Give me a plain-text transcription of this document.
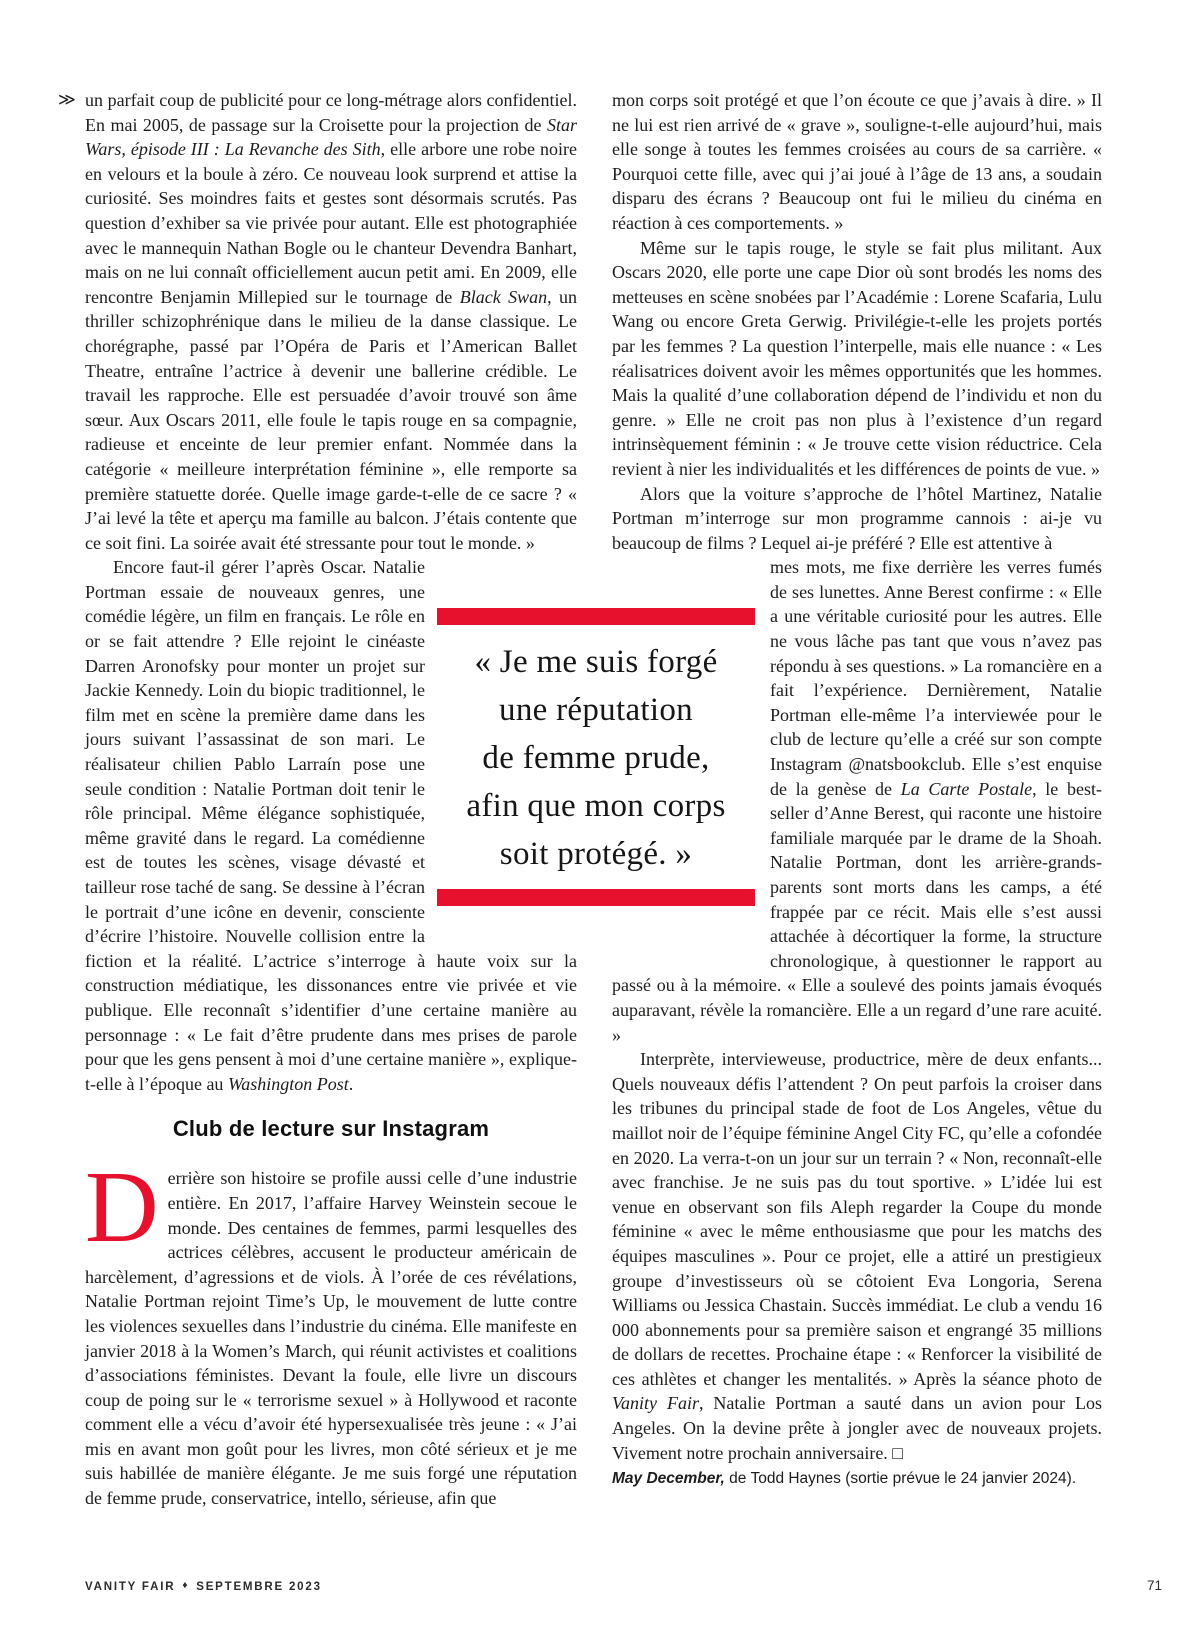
≫ un parfait coup de publicité pour ce long-métrage alors confidentiel. En mai 2005, de passage sur la Croisette pour la projection de Star Wars, épisode III : La Revanche des Sith, elle arbore une robe noire en velours et la boule à zéro. Ce nouveau look surprend et attise la curiosité. Ses moindres faits et gestes sont désormais scrutés. Pas question d’exhiber sa vie privée pour autant. Elle est photographiée avec le mannequin Nathan Bogle ou le chanteur Devendra Banhart, mais on ne lui connaît officiellement aucun petit ami. En 2009, elle rencontre Benjamin Millepied sur le tournage de Black Swan, un thriller schizophrénique dans le milieu de la danse classique. Le chorégraphe, passé par l’Opéra de Paris et l’American Ballet Theatre, entraîne l’actrice à devenir une ballerine crédible. Le travail les rapproche. Elle est persuadée d’avoir trouvé son âme sœur. Aux Oscars 2011, elle foule le tapis rouge en sa compagnie, radieuse et enceinte de leur premier enfant. Nommée dans la catégorie « meilleure interprétation féminine », elle remporte sa première statuette dorée. Quelle image garde-t-elle de ce sacre ? « J’ai levé la tête et aperçu ma famille au balcon. J’étais contente que ce soit fini. La soirée avait été stressante pour tout le monde. »

Encore faut-il gérer l’après Oscar. Natalie Portman essaie de nouveaux genres, une comédie légère, un film en français. Le rôle en or se fait attendre ? Elle rejoint le cinéaste Darren Aronofsky pour monter un projet sur Jackie Kennedy. Loin du biopic traditionnel, le film met en scène la première dame dans les jours suivant l’assassinat de son mari. Le réalisateur chilien Pablo Larraín pose une seule condition : Natalie Portman doit tenir le rôle principal. Même élégance sophistiquée, même gravité dans le regard. La comédienne est de toutes les scènes, visage dévasté et tailleur rose taché de sang. Se dessine à l’écran le portrait d’une icône en devenir, consciente d’écrire l’histoire. Nouvelle collision entre la fiction et la réalité. L’actrice s’interroge à haute voix sur la construction médiatique, les dissonances entre vie privée et vie publique. Elle reconnaît s’identifier d’une certaine manière au personnage : « Le fait d’être prudente dans mes prises de parole pour que les gens pensent à moi d’une certaine manière », explique-t-elle à l’époque au Washington Post.

Club de lecture sur Instagram

Derrière son histoire se profile aussi celle d’une industrie entière. En 2017, l’affaire Harvey Weinstein secoue le monde. Des centaines de femmes, parmi lesquelles des actrices célèbres, accusent le producteur américain de harcèlement, d’agressions et de viols. À l’orée de ces révélations, Natalie Portman rejoint Time’s Up, le mouvement de lutte contre les violences sexuelles dans l’industrie du cinéma. Elle manifeste en janvier 2018 à la Women’s March, qui réunit activistes et coalitions d’associations féministes. Devant la foule, elle livre un discours coup de poing sur le « terrorisme sexuel » à Hollywood et raconte comment elle a vécu d’avoir été hypersexualisée très jeune : « J’ai mis en avant mon goût pour les livres, mon côté sérieux et je me suis habillée de manière élégante. Je me suis forgé une réputation de femme prude, conservatrice, intello, sérieuse, afin que

mon corps soit protégé et que l’on écoute ce que j’avais à dire. » Il ne lui est rien arrivé de « grave », souligne-t-elle aujourd’hui, mais elle songe à toutes les femmes croisées au cours de sa carrière. « Pourquoi cette fille, avec qui j’ai joué à l’âge de 13 ans, a soudain disparu des écrans ? Beaucoup ont fui le milieu du cinéma en réaction à ces comportements. »

Même sur le tapis rouge, le style se fait plus militant. Aux Oscars 2020, elle porte une cape Dior où sont brodés les noms des metteuses en scène snobées par l’Académie : Lorene Scafaria, Lulu Wang ou encore Greta Gerwig. Privilégie-t-elle les projets portés par les femmes ? La question l’interpelle, mais elle nuance : « Les réalisatrices doivent avoir les mêmes opportunités que les hommes. Mais la qualité d’une collaboration dépend de l’individu et non du genre. » Elle ne croit pas non plus à l’existence d’un regard intrinsèquement féminin : « Je trouve cette vision réductrice. Cela revient à nier les individualités et les différences de points de vue. »

Alors que la voiture s’approche de l’hôtel Martinez, Natalie Portman m’interroge sur mon programme cannois : ai-je vu beaucoup de films ? Lequel ai-je préféré ? Elle est attentive à

mes mots, me fixe derrière les verres fumés de ses lunettes. Anne Berest confirme : « Elle a une véritable curiosité pour les autres. Elle ne vous lâche pas tant que vous n’avez pas répondu à ses questions. » La romancière en a fait l’expérience. Dernièrement, Natalie Portman elle-même l’a interviewée pour le club de lecture qu’elle a créé sur son compte Instagram @natsbookclub. Elle s’est enquise de la genèse de La Carte Postale, le best-seller d’Anne Berest, qui raconte une histoire familiale marquée par le drame de la Shoah. Natalie Portman, dont les arrière-grands-parents sont morts dans les camps, a été frappée par ce récit. Mais elle s’est aussi attachée à décortiquer la forme, la structure chronologique, à questionner le rapport au passé ou à la mémoire. « Elle a soulevé des points jamais évoqués auparavant, révèle la romancière. Elle a un regard d’une rare acuité. »

Interprète, intervieweuse, productrice, mère de deux enfants... Quels nouveaux défis l’attendent ? On peut parfois la croiser dans les tribunes du principal stade de foot de Los Angeles, vêtue du maillot noir de l’équipe féminine Angel City FC, qu’elle a cofondée en 2020. La verra-t-on un jour sur un terrain ? « Non, reconnaît-elle avec franchise. Je ne suis pas du tout sportive. » L’idée lui est venue en observant son fils Aleph regarder la Coupe du monde féminine « avec le même enthousiasme que pour les matchs des équipes masculines ». Pour ce projet, elle a attiré un prestigieux groupe d’investisseurs où se côtoient Eva Longoria, Serena Williams ou Jessica Chastain. Succès immédiat. Le club a vendu 16 000 abonnements pour sa première saison et engrangé 35 millions de dollars de recettes. Prochaine étape : « Renforcer la visibilité de ces athlètes et changer les mentalités. » Après la séance photo de Vanity Fair, Natalie Portman a sauté dans un avion pour Los Angeles. On la devine prête à jongler avec de nouveaux projets. Vivement notre prochain anniversaire. □

May December, de Todd Haynes (sortie prévue le 24 janvier 2024).

« Je me suis forgé
une réputation
de femme prude,
afin que mon corps
soit protégé. »
VANITY FAIR ♦ SEPTEMBRE 2023	71
